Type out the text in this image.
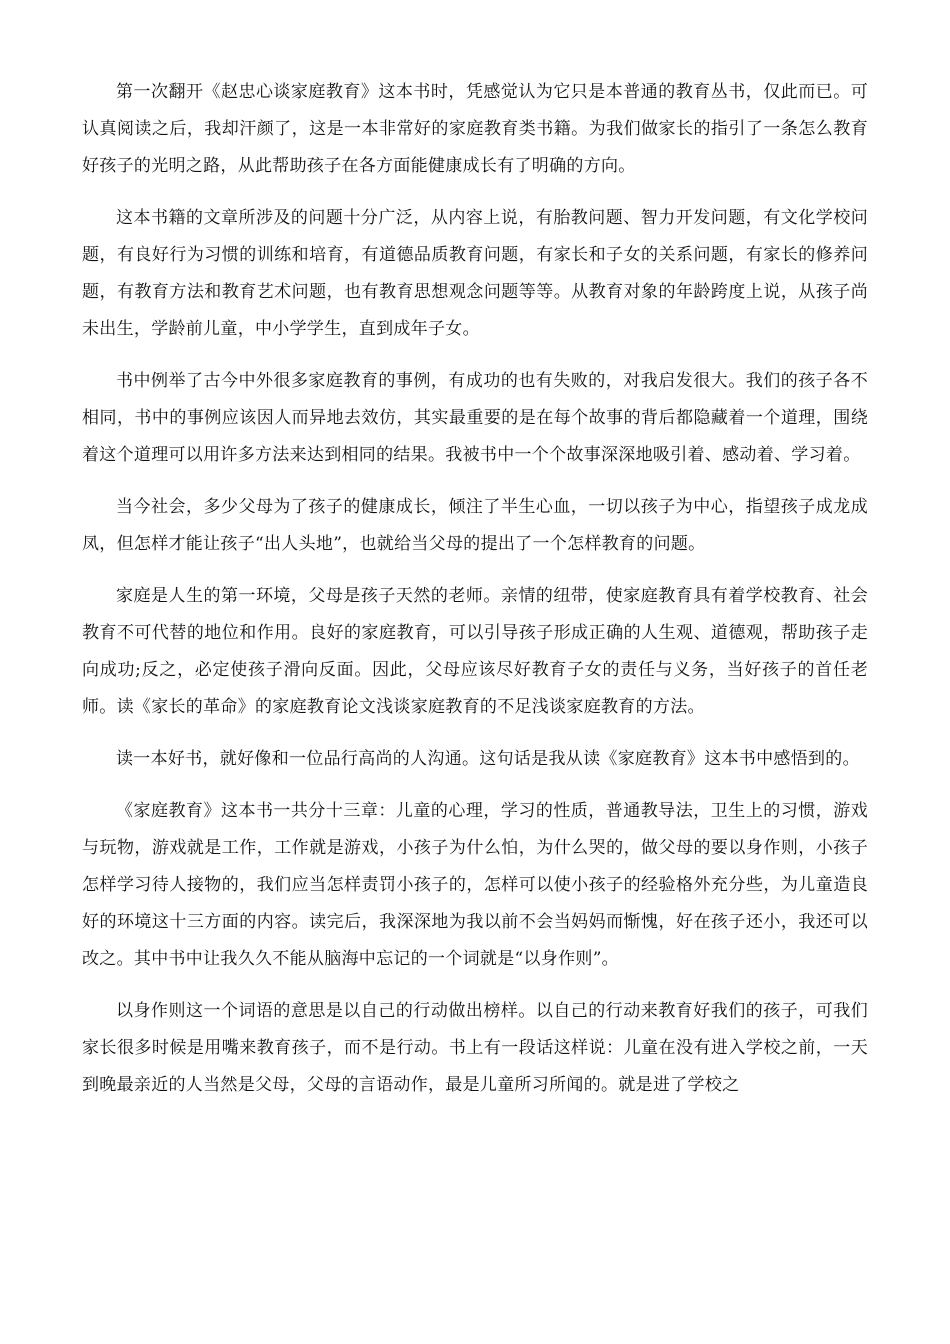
第一次翻开《赵忠心谈家庭教育》这本书时，凭感觉认为它只是本普通的教育丛书，仅此而已。可认真阅读之后，我却汗颜了，这是一本非常好的家庭教育类书籍。为我们做家长的指引了一条怎么教育好孩子的光明之路，从此帮助孩子在各方面能健康成长有了明确的方向。

这本书籍的文章所涉及的问题十分广泛，从内容上说，有胎教问题、智力开发问题，有文化学校问题，有良好行为习惯的训练和培育，有道德品质教育问题，有家长和子女的关系问题，有家长的修养问题，有教育方法和教育艺术问题，也有教育思想观念问题等等。从教育对象的年龄跨度上说，从孩子尚未出生，学龄前儿童，中小学学生，直到成年子女。

书中例举了古今中外很多家庭教育的事例，有成功的也有失败的，对我启发很大。我们的孩子各不相同，书中的事例应该因人而异地去效仿，其实最重要的是在每个故事的背后都隐藏着一个道理，围绕着这个道理可以用许多方法来达到相同的结果。我被书中一个个故事深深地吸引着、感动着、学习着。

当今社会，多少父母为了孩子的健康成长，倾注了半生心血，一切以孩子为中心，指望孩子成龙成凤，但怎样才能让孩子“出人头地”，也就给当父母的提出了一个怎样教育的问题。

家庭是人生的第一环境，父母是孩子天然的老师。亲情的纽带，使家庭教育具有着学校教育、社会教育不可代替的地位和作用。良好的家庭教育，可以引导孩子形成正确的人生观、道德观，帮助孩子走向成功;反之，必定使孩子滑向反面。因此，父母应该尽好教育子女的责任与义务，当好孩子的首任老师。读《家长的革命》的家庭教育论文浅谈家庭教育的不足浅谈家庭教育的方法。

读一本好书，就好像和一位品行高尚的人沟通。这句话是我从读《家庭教育》这本书中感悟到的。

《家庭教育》这本书一共分十三章：儿童的心理，学习的性质，普通教导法，卫生上的习惯，游戏与玩物，游戏就是工作，工作就是游戏，小孩子为什么怕，为什么哭的，做父母的要以身作则，小孩子怎样学习待人接物的，我们应当怎样责罚小孩子的，怎样可以使小孩子的经验格外充分些，为儿童造良好的环境这十三方面的内容。读完后，我深深地为我以前不会当妈妈而惭愧，好在孩子还小，我还可以改之。其中书中让我久久不能从脑海中忘记的一个词就是“以身作则”。

以身作则这一个词语的意思是以自己的行动做出榜样。以自己的行动来教育好我们的孩子，可我们家长很多时候是用嘴来教育孩子，而不是行动。书上有一段话这样说：儿童在没有进入学校之前，一天到晚最亲近的人当然是父母，父母的言语动作，最是儿童所习所闻的。就是进了学校之
